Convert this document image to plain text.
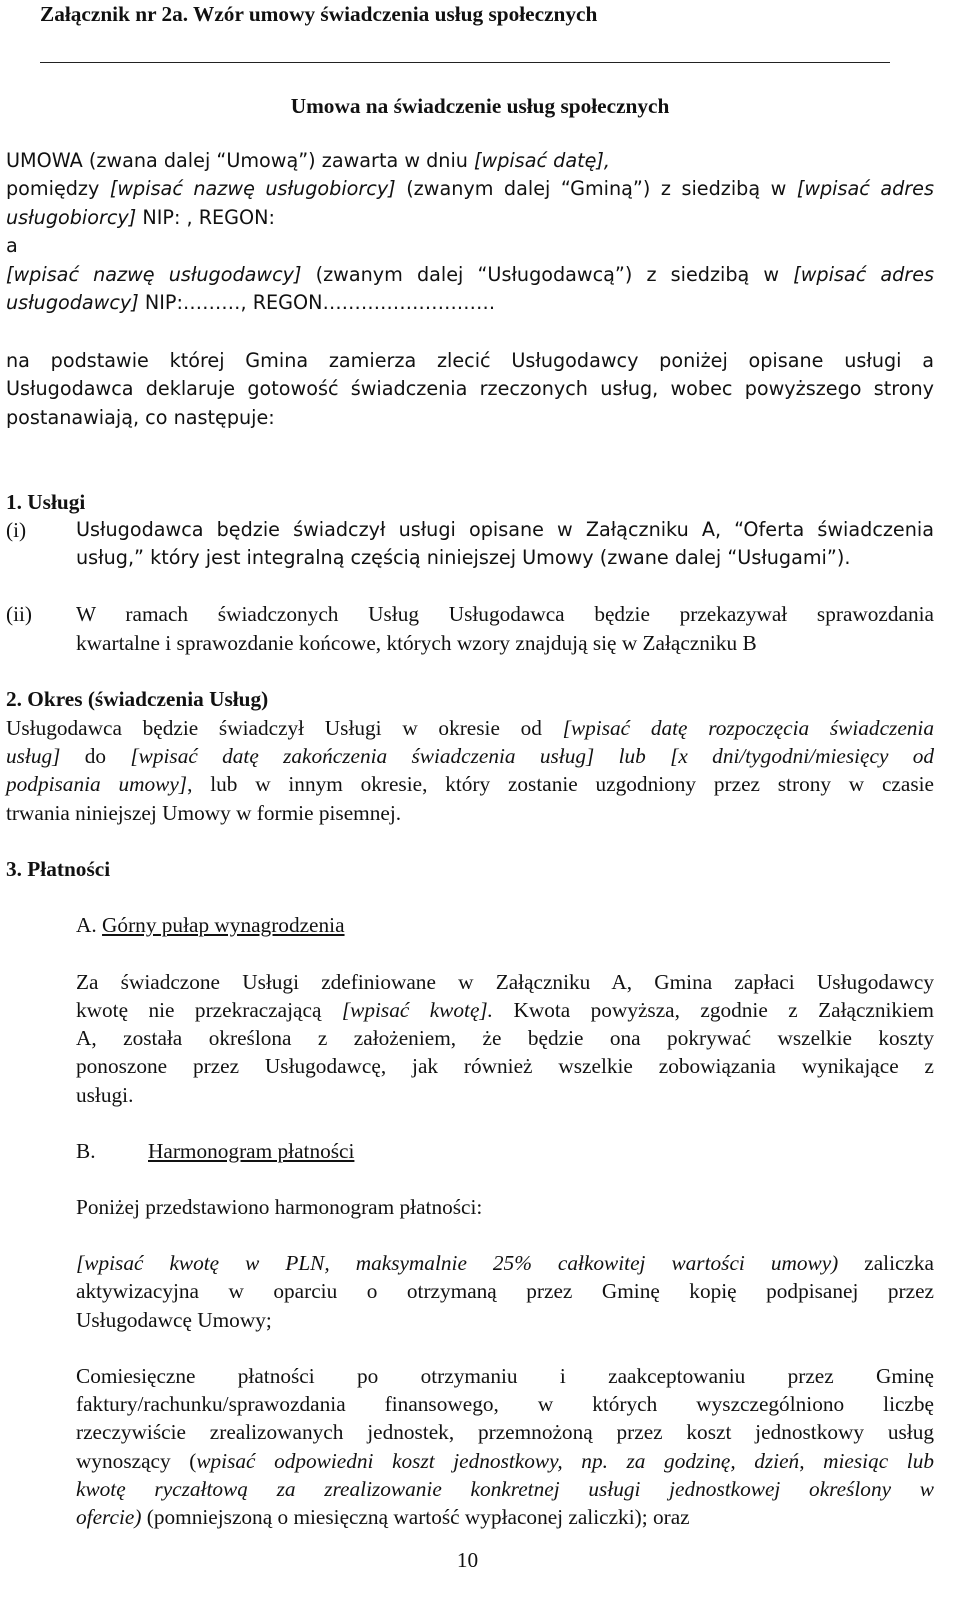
Załącznik nr 2a. Wzór umowy świadczenia usług społecznych
Umowa na świadczenie usług społecznych
UMOWA (zwana dalej “Umową”) zawarta w dniu [wpisać datę],
pomiędzy [wpisać nazwę usługobiorcy] (zwanym dalej “Gminą”) z siedzibą w [wpisać adres
usługobiorcy] NIP: , REGON:
a
[wpisać nazwę usługodawcy] (zwanym dalej “Usługodawcą”) z siedzibą w [wpisać adres
usługodawcy] NIP:………, REGON………………………
na podstawie której Gmina zamierza zlecić Usługodawcy poniżej opisane usługi a
Usługodawca deklaruje gotowość świadczenia rzeczonych usług, wobec powyższego strony
postanawiają, co następuje:
1. Usługi
(i)	Usługodawca będzie świadczył usługi opisane w Załączniku A, “Oferta świadczenia
usług,” który jest integralną częścią niniejszej Umowy (zwane dalej “Usługami”).
(ii) W ramach świadczonych Usług Usługodawca będzie przekazywał sprawozdania
kwartalne i sprawozdanie końcowe, których wzory znajdują się w Załączniku B
2. Okres (świadczenia Usług)
Usługodawca będzie świadczył Usługi w okresie od [wpisać datę rozpoczęcia świadczenia
usług] do [wpisać datę zakończenia świadczenia usług] lub [x dni/tygodni/miesięcy od
podpisania umowy], lub w innym okresie, który zostanie uzgodniony przez strony w czasie
trwania niniejszej Umowy w formie pisemnej.
3. Płatności
A. Górny pułap wynagrodzenia
Za świadczone Usługi zdefiniowane w Załączniku A, Gmina zapłaci Usługodawcy
kwotę nie przekraczającą [wpisać kwotę]. Kwota powyższa, zgodnie z Załącznikiem
A, została określona z założeniem, że będzie ona pokrywać wszelkie koszty
ponoszone przez Usługodawcę, jak również wszelkie zobowiązania wynikające z
usługi.
B. Harmonogram płatności
Poniżej przedstawiono harmonogram płatności:
[wpisać kwotę w PLN, maksymalnie 25% całkowitej wartości umowy) zaliczka
aktywizacyjna w oparciu o otrzymaną przez Gminę kopię podpisanej przez
Usługodawcę Umowy;
Comiesięczne płatności po otrzymaniu i zaakceptowaniu przez Gminę
faktury/rachunku/sprawozdania finansowego, w których wyszczególniono liczbę
rzeczywiście zrealizowanych jednostek, przemnożoną przez koszt jednostkowy usług
wynoszący (wpisać odpowiedni koszt jednostkowy, np. za godzinę, dzień, miesiąc lub
kwotę ryczałtową za zrealizowanie konkretnej usługi jednostkowej określony w
ofercie) (pomniejszoną o miesięczną wartość wypłaconej zaliczki); oraz
10
